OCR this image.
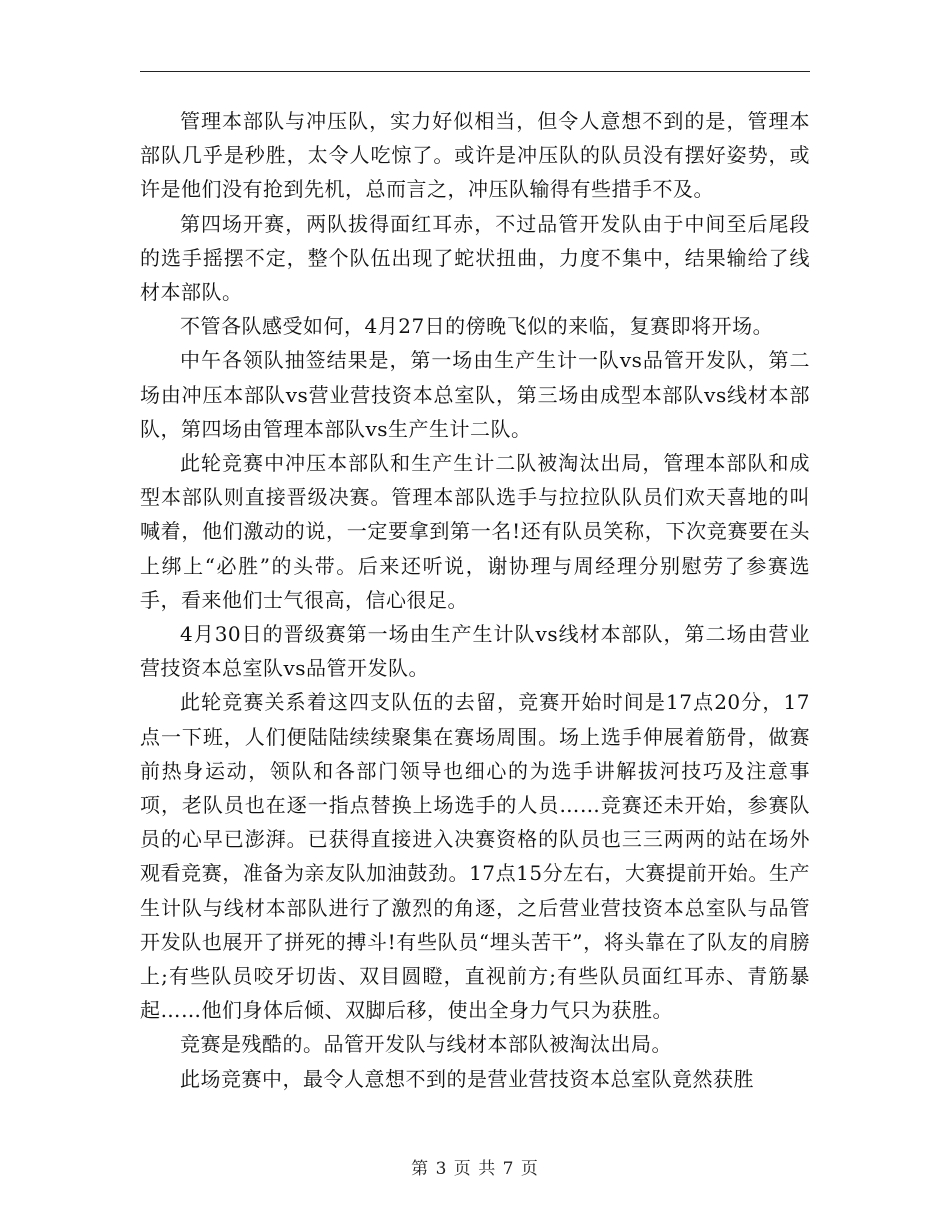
管理本部队与冲压队，实力好似相当，但令人意想不到的是，管理本部队几乎是秒胜，太令人吃惊了。或许是冲压队的队员没有摆好姿势，或许是他们没有抢到先机，总而言之，冲压队输得有些措手不及。

第四场开赛，两队拔得面红耳赤，不过品管开发队由于中间至后尾段的选手摇摆不定，整个队伍出现了蛇状扭曲，力度不集中，结果输给了线材本部队。

不管各队感受如何，4月27日的傍晚飞似的来临，复赛即将开场。

中午各领队抽签结果是，第一场由生产生计一队vs品管开发队，第二场由冲压本部队vs营业营技资本总室队，第三场由成型本部队vs线材本部队，第四场由管理本部队vs生产生计二队。

此轮竞赛中冲压本部队和生产生计二队被淘汰出局，管理本部队和成型本部队则直接晋级决赛。管理本部队选手与拉拉队队员们欢天喜地的叫喊着，他们激动的说，一定要拿到第一名!还有队员笑称，下次竞赛要在头上绑上“必胜”的头带。后来还听说，谢协理与周经理分别慰劳了参赛选手，看来他们士气很高，信心很足。

4月30日的晋级赛第一场由生产生计队vs线材本部队，第二场由营业营技资本总室队vs品管开发队。

此轮竞赛关系着这四支队伍的去留，竞赛开始时间是17点20分，17点一下班，人们便陆陆续续聚集在赛场周围。场上选手伸展着筋骨，做赛前热身运动，领队和各部门领导也细心的为选手讲解拔河技巧及注意事项，老队员也在逐一指点替换上场选手的人员……竞赛还未开始，参赛队员的心早已澎湃。已获得直接进入决赛资格的队员也三三两两的站在场外观看竞赛，准备为亲友队加油鼓劲。17点15分左右，大赛提前开始。生产生计队与线材本部队进行了激烈的角逐，之后营业营技资本总室队与品管开发队也展开了拼死的搏斗!有些队员“埋头苦干”，将头靠在了队友的肩膀上;有些队员咬牙切齿、双目圆瞪，直视前方;有些队员面红耳赤、青筋暴起……他们身体后倾、双脚后移，使出全身力气只为获胜。

竞赛是残酷的。品管开发队与线材本部队被淘汰出局。

此场竞赛中，最令人意想不到的是营业营技资本总室队竟然获胜

第 3 页 共 7 页
